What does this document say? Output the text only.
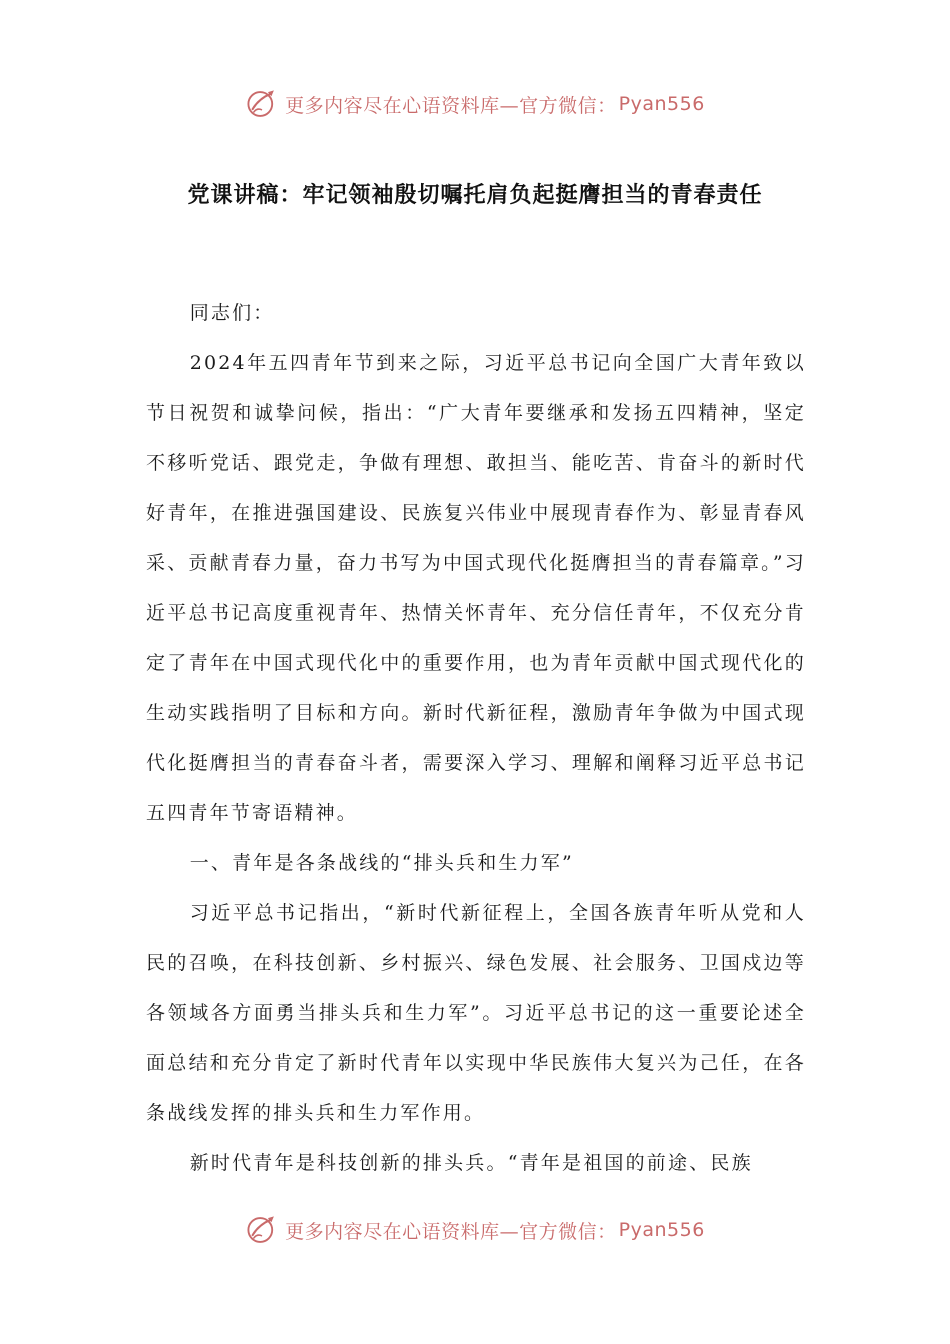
更多内容尽在心语资料库—官方微信： Pyan556
党课讲稿：牢记领袖殷切嘱托肩负起挺膺担当的青春责任

同志们：

2024年五四青年节到来之际，习近平总书记向全国广大青年致以节日祝贺和诚挚问候，指出：“广大青年要继承和发扬五四精神，坚定不移听党话、跟党走，争做有理想、敢担当、能吃苦、肯奋斗的新时代好青年，在推进强国建设、民族复兴伟业中展现青春作为、彰显青春风采、贡献青春力量，奋力书写为中国式现代化挺膺担当的青春篇章。”习近平总书记高度重视青年、热情关怀青年、充分信任青年，不仅充分肯定了青年在中国式现代化中的重要作用，也为青年贡献中国式现代化的生动实践指明了目标和方向。新时代新征程，激励青年争做为中国式现代化挺膺担当的青春奋斗者，需要深入学习、理解和阐释习近平总书记五四青年节寄语精神。

一、青年是各条战线的“排头兵和生力军”

习近平总书记指出，“新时代新征程上，全国各族青年听从党和人民的召唤，在科技创新、乡村振兴、绿色发展、社会服务、卫国戍边等各领域各方面勇当排头兵和生力军”。习近平总书记的这一重要论述全面总结和充分肯定了新时代青年以实现中华民族伟大复兴为己任，在各条战线发挥的排头兵和生力军作用。

新时代青年是科技创新的排头兵。“青年是祖国的前途、民族

更多内容尽在心语资料库—官方微信： Pyan556
